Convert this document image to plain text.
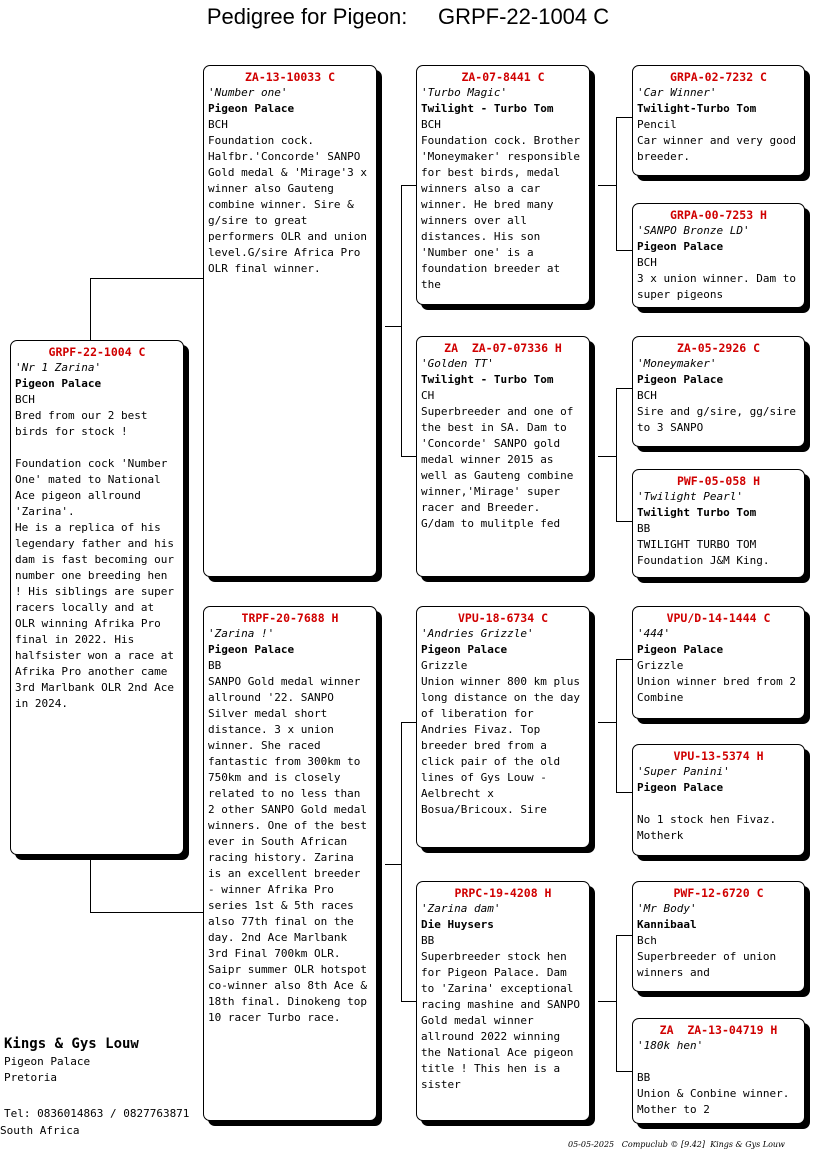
Pedigree for Pigeon:     GRPF-22-1004 C
GRPF-22-1004 C
'Nr 1 Zarina'
Pigeon Palace
BCH
Bred from our 2 best birds for stock !

Foundation cock 'Number One' mated to National Ace pigeon allround 'Zarina'.
He is a replica of his legendary father and his dam is fast becoming our number one breeding hen ! His siblings are super racers locally and at OLR winning Afrika Pro final in 2022. His halfsister won a race at Afrika Pro another came 3rd Marlbank OLR 2nd Ace in 2024.
ZA-13-10033 C
'Number one'
Pigeon Palace
BCH
Foundation cock. Halfbr.'Concorde' SANPO Gold medal & 'Mirage'3 x winner also Gauteng combine winner. Sire & g/sire to great performers OLR and union level.G/sire Africa Pro OLR final winner.
TRPF-20-7688 H
'Zarina !'
Pigeon Palace
BB
SANPO Gold medal winner allround '22. SANPO Silver medal short distance. 3 x union winner. She raced fantastic from 300km to 750km and is closely related to no less than 2 other SANPO Gold medal winners. One of the best ever in South African racing history. Zarina is an excellent breeder - winner Afrika Pro series 1st & 5th races also 77th final on the day. 2nd Ace Marlbank 3rd Final 700km OLR. Saipr summer OLR hotspot co-winner also 8th Ace & 18th final. Dinokeng top 10 racer Turbo race.
ZA-07-8441 C
'Turbo Magic'
Twilight - Turbo Tom
BCH
Foundation cock. Brother 'Moneymaker' responsible for best birds, medal winners also a car winner. He bred many winners over all distances. His son 'Number one' is a foundation breeder at the
ZA  ZA-07-07336 H
'Golden TT'
Twilight - Turbo Tom
CH
Superbreeder and one of the best in SA. Dam to 'Concorde' SANPO gold medal winner 2015 as well as Gauteng combine winner,'Mirage' super racer and Breeder.  G/dam to mulitple fed
VPU-18-6734 C
'Andries Grizzle'
Pigeon Palace
Grizzle
Union winner 800 km plus long distance on the day of liberation for Andries Fivaz. Top breeder bred from a click pair of the old lines of Gys Louw - Aelbrecht x Bosua/Bricoux. Sire
PRPC-19-4208 H
'Zarina dam'
Die Huysers
BB
Superbreeder stock hen for Pigeon Palace. Dam to 'Zarina' exceptional racing mashine and SANPO Gold medal winner allround 2022 winning the National Ace pigeon title ! This hen is a sister
GRPA-02-7232 C
'Car Winner'
Twilight-Turbo Tom
Pencil
Car winner and very good breeder.
GRPA-00-7253 H
'SANPO Bronze LD'
Pigeon Palace
BCH
3 x union winner. Dam to super pigeons
ZA-05-2926 C
'Moneymaker'
Pigeon Palace
BCH
Sire and g/sire, gg/sire to 3 SANPO
PWF-05-058 H
'Twilight Pearl'
Twilight Turbo Tom
BB
TWILIGHT TURBO TOM Foundation J&M King.
VPU/D-14-1444 C
'444'
Pigeon Palace
Grizzle
Union winner bred from 2 Combine
VPU-13-5374 H
'Super Panini'
Pigeon Palace
No 1 stock hen Fivaz. Motherk
PWF-12-6720 C
'Mr Body'
Kannibaal
Bch
Superbreeder of union winners and
ZA  ZA-13-04719 H
'180k hen'
BB
Union & Conbine winner.  Mother to 2
Kings & Gys Louw
Pigeon Palace
Pretoria
Tel: 0836014863 / 0827763871
South Africa
05-05-2025   Compuclub © [9.42]  Kings & Gys Louw
